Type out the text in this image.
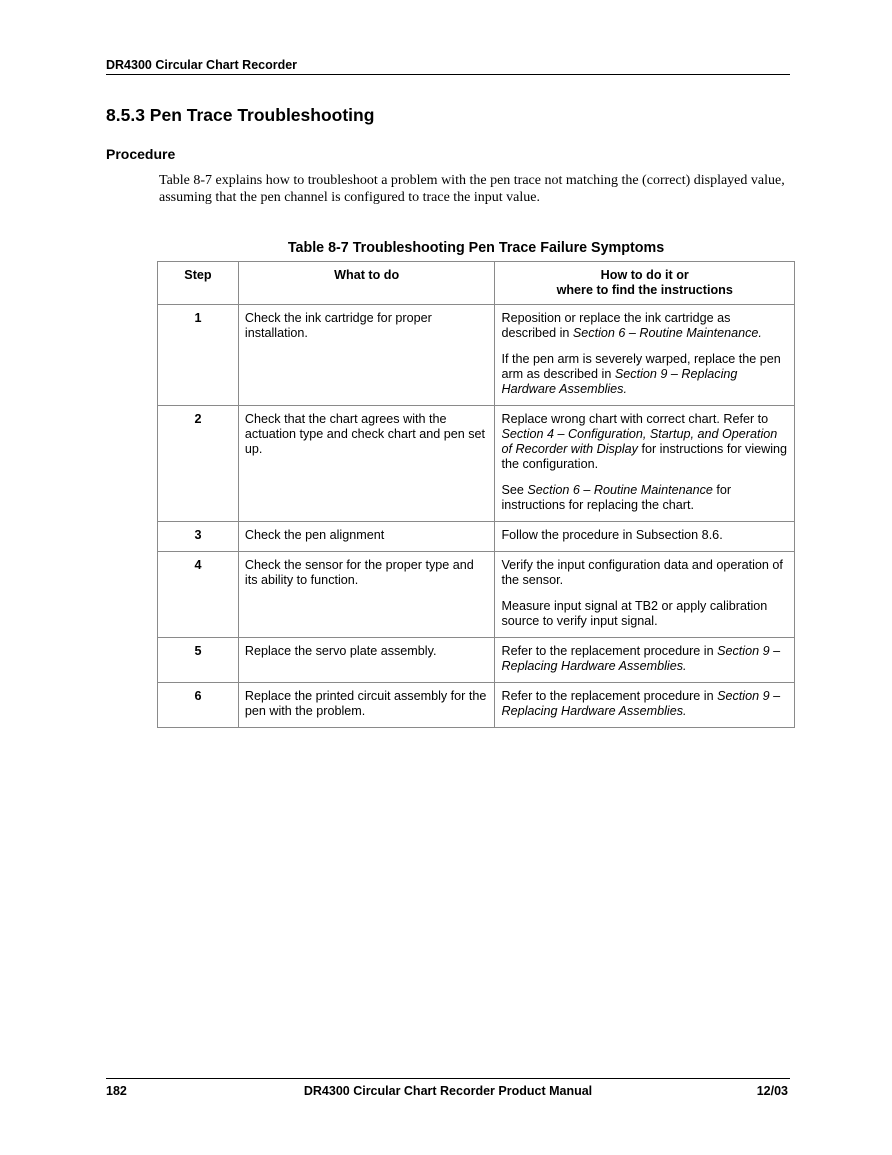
DR4300 Circular Chart Recorder
8.5.3 Pen Trace Troubleshooting
Procedure

Table 8-7 explains how to troubleshoot a problem with the pen trace not matching the (correct) displayed value, assuming that the pen channel is configured to trace the input value.

Table 8-7 Troubleshooting Pen Trace Failure Symptoms

Step	What to do	How to do it or
where to find the instructions
1	Check the ink cartridge for proper installation.	Reposition or replace the ink cartridge as described in Section 6 – Routine Maintenance.
If the pen arm is severely warped, replace the pen arm as described in Section 9 – Replacing Hardware Assemblies.

2	Check that the chart agrees with the actuation type and check chart and pen set up.	Replace wrong chart with correct chart. Refer to Section 4 – Configuration, Startup, and Operation of Recorder with Display for instructions for viewing the configuration.
See Section 6 – Routine Maintenance for instructions for replacing the chart.

3	Check the pen alignment	Follow the procedure in Subsection 8.6.

4	Check the sensor for the proper type and its ability to function.	Verify the input configuration data and operation of the sensor.
Measure input signal at TB2 or apply calibration source to verify input signal.

5	Replace the servo plate assembly.	Refer to the replacement procedure in Section 9 – Replacing Hardware Assemblies.

6	Replace the printed circuit assembly for the pen with the problem.	Refer to the replacement procedure in Section 9 – Replacing Hardware Assemblies.
182	DR4300 Circular Chart Recorder Product Manual	12/03
